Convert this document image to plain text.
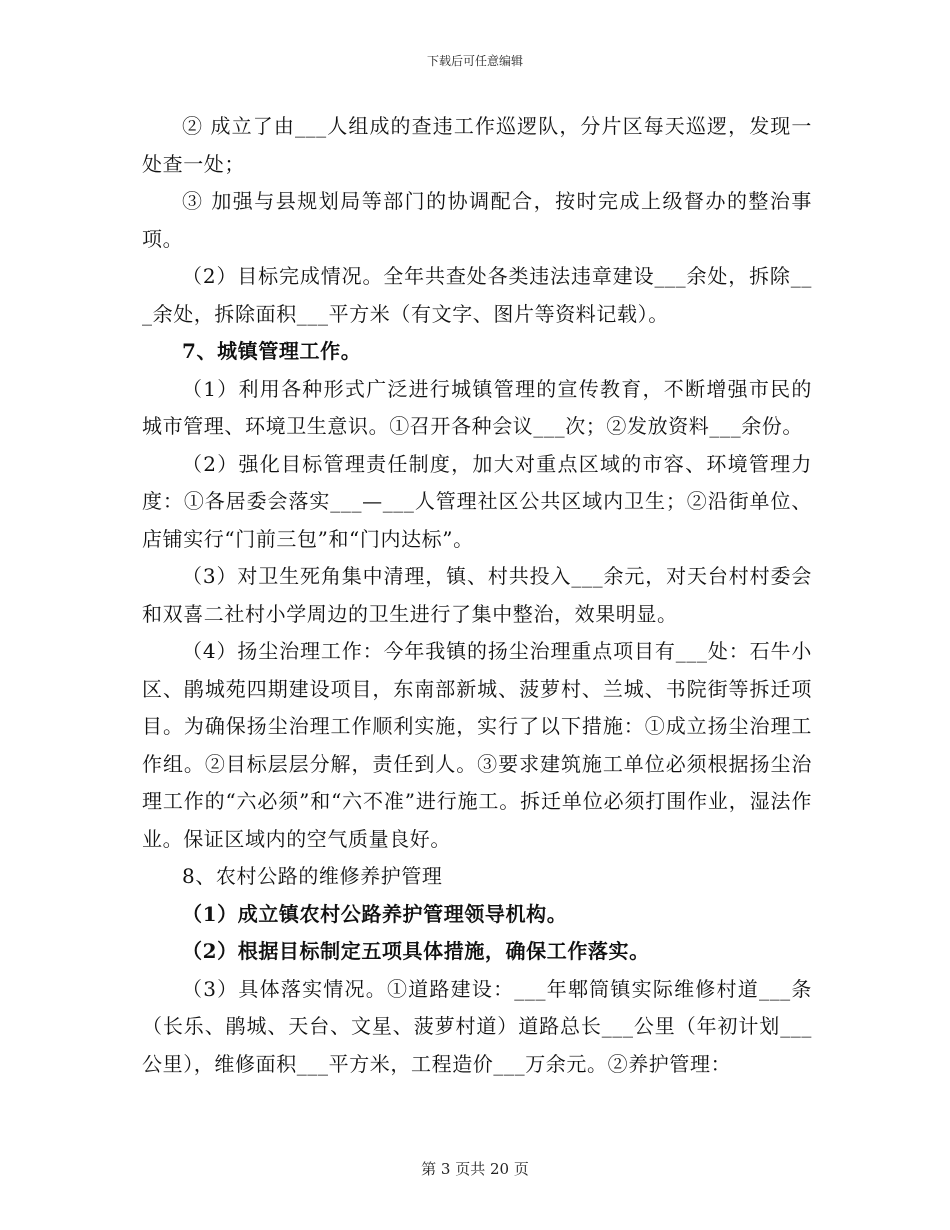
下载后可任意编辑

② 成立了由___人组成的查违工作巡逻队，分片区每天巡逻，发现一处查一处；

③ 加强与县规划局等部门的协调配合，按时完成上级督办的整治事项。

（2）目标完成情况。全年共查处各类违法违章建设___余处，拆除___余处，拆除面积___平方米（有文字、图片等资料记载）。

7、城镇管理工作。

（1）利用各种形式广泛进行城镇管理的宣传教育，不断增强市民的城市管理、环境卫生意识。①召开各种会议___次；②发放资料___余份。

（2）强化目标管理责任制度，加大对重点区域的市容、环境管理力度：①各居委会落实___—___人管理社区公共区域内卫生；②沿街单位、店铺实行“门前三包”和“门内达标”。

（3）对卫生死角集中清理，镇、村共投入___余元，对天台村村委会和双喜二社村小学周边的卫生进行了集中整治，效果明显。

（4）扬尘治理工作：今年我镇的扬尘治理重点项目有___处：石牛小区、鹃城苑四期建设项目，东南部新城、菠萝村、兰城、书院街等拆迁项目。为确保扬尘治理工作顺利实施，实行了以下措施：①成立扬尘治理工作组。②目标层层分解，责任到人。③要求建筑施工单位必须根据扬尘治理工作的“六必须”和“六不准”进行施工。拆迁单位必须打围作业，湿法作业。保证区域内的空气质量良好。

8、农村公路的维修养护管理

（1）成立镇农村公路养护管理领导机构。

（2）根据目标制定五项具体措施，确保工作落实。

（3）具体落实情况。①道路建设：___年郫筒镇实际维修村道___条（长乐、鹃城、天台、文星、菠萝村道）道路总长___公里（年初计划___公里），维修面积___平方米，工程造价___万余元。②养护管理：

第 3 页共 20 页
